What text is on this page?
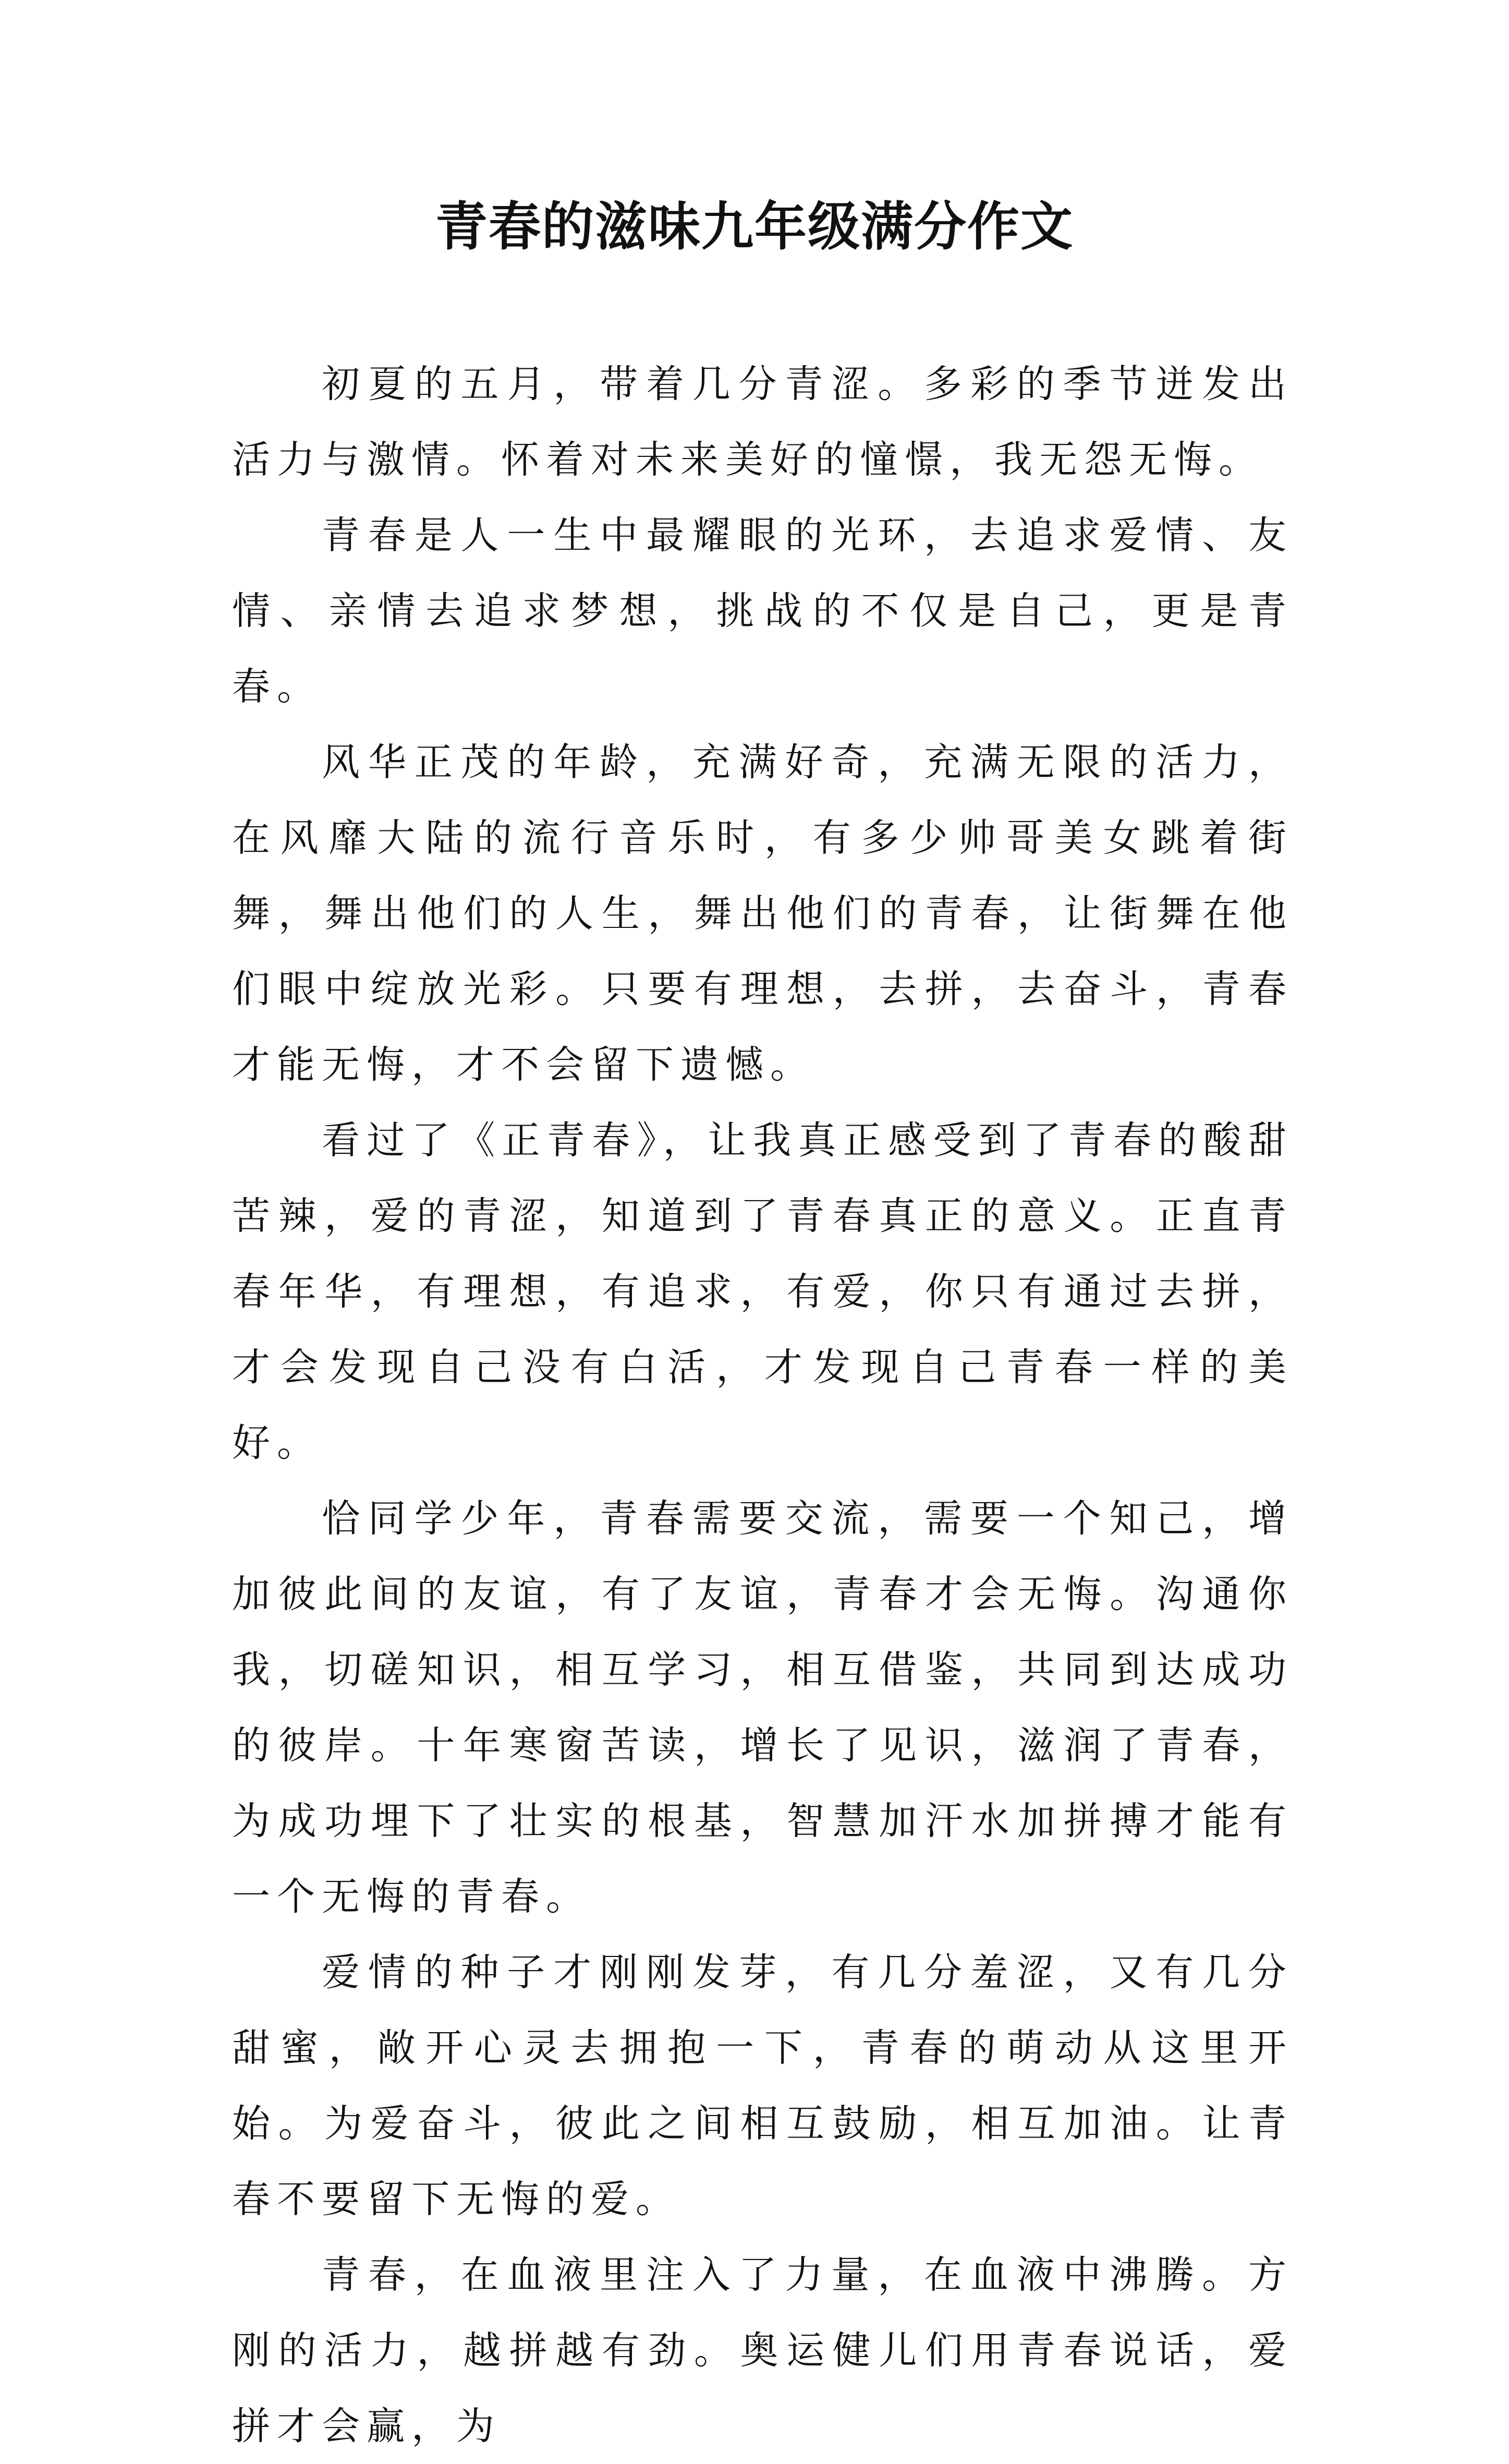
青春的滋味九年级满分作文

初夏的五月，带着几分青涩。多彩的季节迸发出活力与激情。怀着对未来美好的憧憬，我无怨无悔。

青春是人一生中最耀眼的光环，去追求爱情、友情、亲情去追求梦想，挑战的不仅是自己，更是青春。

风华正茂的年龄，充满好奇，充满无限的活力，在风靡大陆的流行音乐时，有多少帅哥美女跳着街舞，舞出他们的人生，舞出他们的青春，让街舞在他们眼中绽放光彩。只要有理想，去拼，去奋斗，青春才能无悔，才不会留下遗憾。

看过了《正青春》，让我真正感受到了青春的酸甜苦辣，爱的青涩，知道到了青春真正的意义。正直青春年华，有理想，有追求，有爱，你只有通过去拼，才会发现自己没有白活，才发现自己青春一样的美好。

恰同学少年，青春需要交流，需要一个知己，增加彼此间的友谊，有了友谊，青春才会无悔。沟通你我，切磋知识，相互学习，相互借鉴，共同到达成功的彼岸。十年寒窗苦读，增长了见识，滋润了青春，为成功埋下了壮实的根基，智慧加汗水加拼搏才能有一个无悔的青春。

爱情的种子才刚刚发芽，有几分羞涩，又有几分甜蜜，敞开心灵去拥抱一下，青春的萌动从这里开始。为爱奋斗，彼此之间相互鼓励，相互加油。让青春不要留下无悔的爱。

青春，在血液里注入了力量，在血液中沸腾。方刚的活力，越拼越有劲。奥运健儿们用青春说话，爱拼才会赢，为
